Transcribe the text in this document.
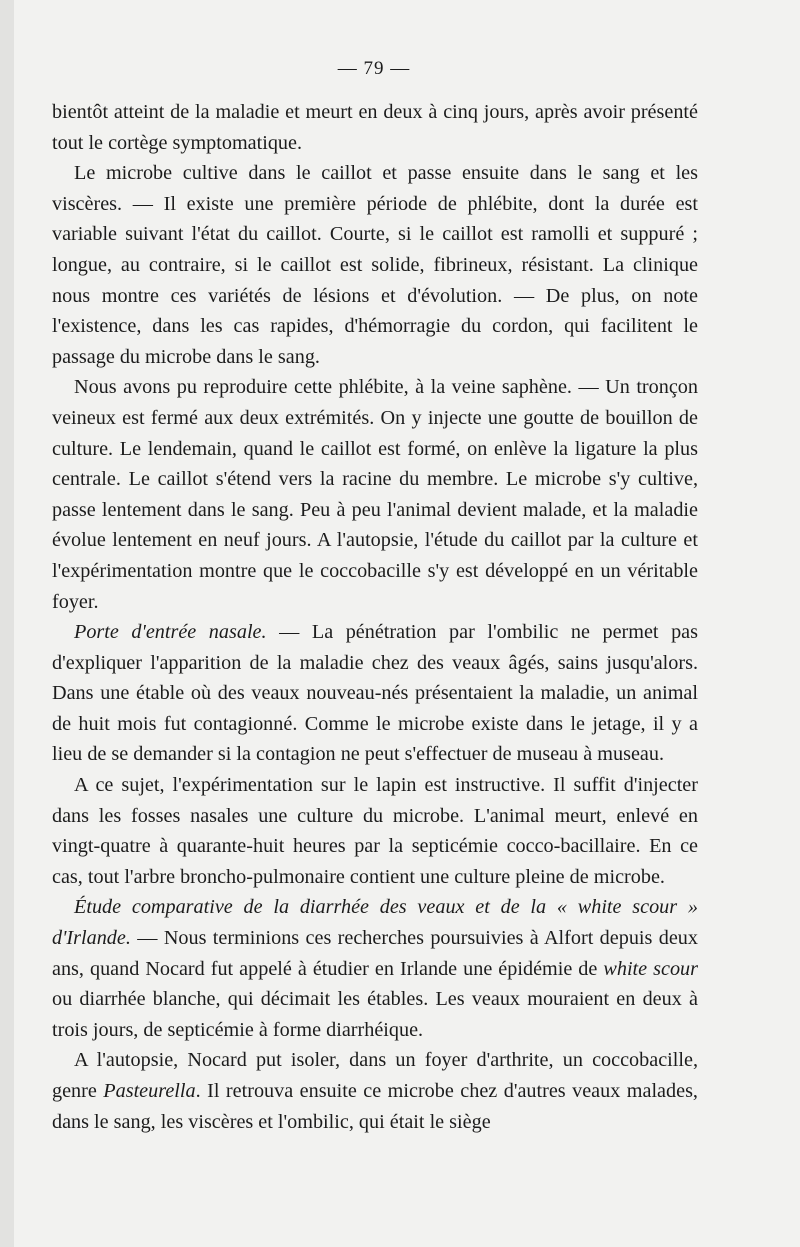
— 79 —

bientôt atteint de la maladie et meurt en deux à cinq jours, après avoir présenté tout le cortège symptomatique.

Le microbe cultive dans le caillot et passe ensuite dans le sang et les viscères. — Il existe une première période de phlébite, dont la durée est variable suivant l'état du caillot. Courte, si le caillot est ramolli et suppuré ; longue, au contraire, si le caillot est solide, fibrineux, résistant. La clinique nous montre ces variétés de lésions et d'évolution. — De plus, on note l'existence, dans les cas rapides, d'hémorragie du cordon, qui facilitent le passage du microbe dans le sang.

Nous avons pu reproduire cette phlébite, à la veine saphène. — Un tronçon veineux est fermé aux deux extrémités. On y injecte une goutte de bouillon de culture. Le lendemain, quand le caillot est formé, on enlève la ligature la plus centrale. Le caillot s'étend vers la racine du membre. Le microbe s'y cultive, passe lentement dans le sang. Peu à peu l'animal devient malade, et la maladie évolue lentement en neuf jours. A l'autopsie, l'étude du caillot par la culture et l'expérimentation montre que le coccobacille s'y est développé en un véritable foyer.

Porte d'entrée nasale. — La pénétration par l'ombilic ne permet pas d'expliquer l'apparition de la maladie chez des veaux âgés, sains jusqu'alors. Dans une étable où des veaux nouveau-nés présentaient la maladie, un animal de huit mois fut contagionné. Comme le microbe existe dans le jetage, il y a lieu de se demander si la contagion ne peut s'effectuer de museau à museau.

A ce sujet, l'expérimentation sur le lapin est instructive. Il suffit d'injecter dans les fosses nasales une culture du microbe. L'animal meurt, enlevé en vingt-quatre à quarante-huit heures par la septicémie cocco-bacillaire. En ce cas, tout l'arbre broncho-pulmonaire contient une culture pleine de microbe.

Étude comparative de la diarrhée des veaux et de la « white scour » d'Irlande. — Nous terminions ces recherches poursuivies à Alfort depuis deux ans, quand Nocard fut appelé à étudier en Irlande une épidémie de white scour ou diarrhée blanche, qui décimait les étables. Les veaux mouraient en deux à trois jours, de septicémie à forme diarrhéique.

A l'autopsie, Nocard put isoler, dans un foyer d'arthrite, un coccobacille, genre Pasteurella. Il retrouva ensuite ce microbe chez d'autres veaux malades, dans le sang, les viscères et l'ombilic, qui était le siège
